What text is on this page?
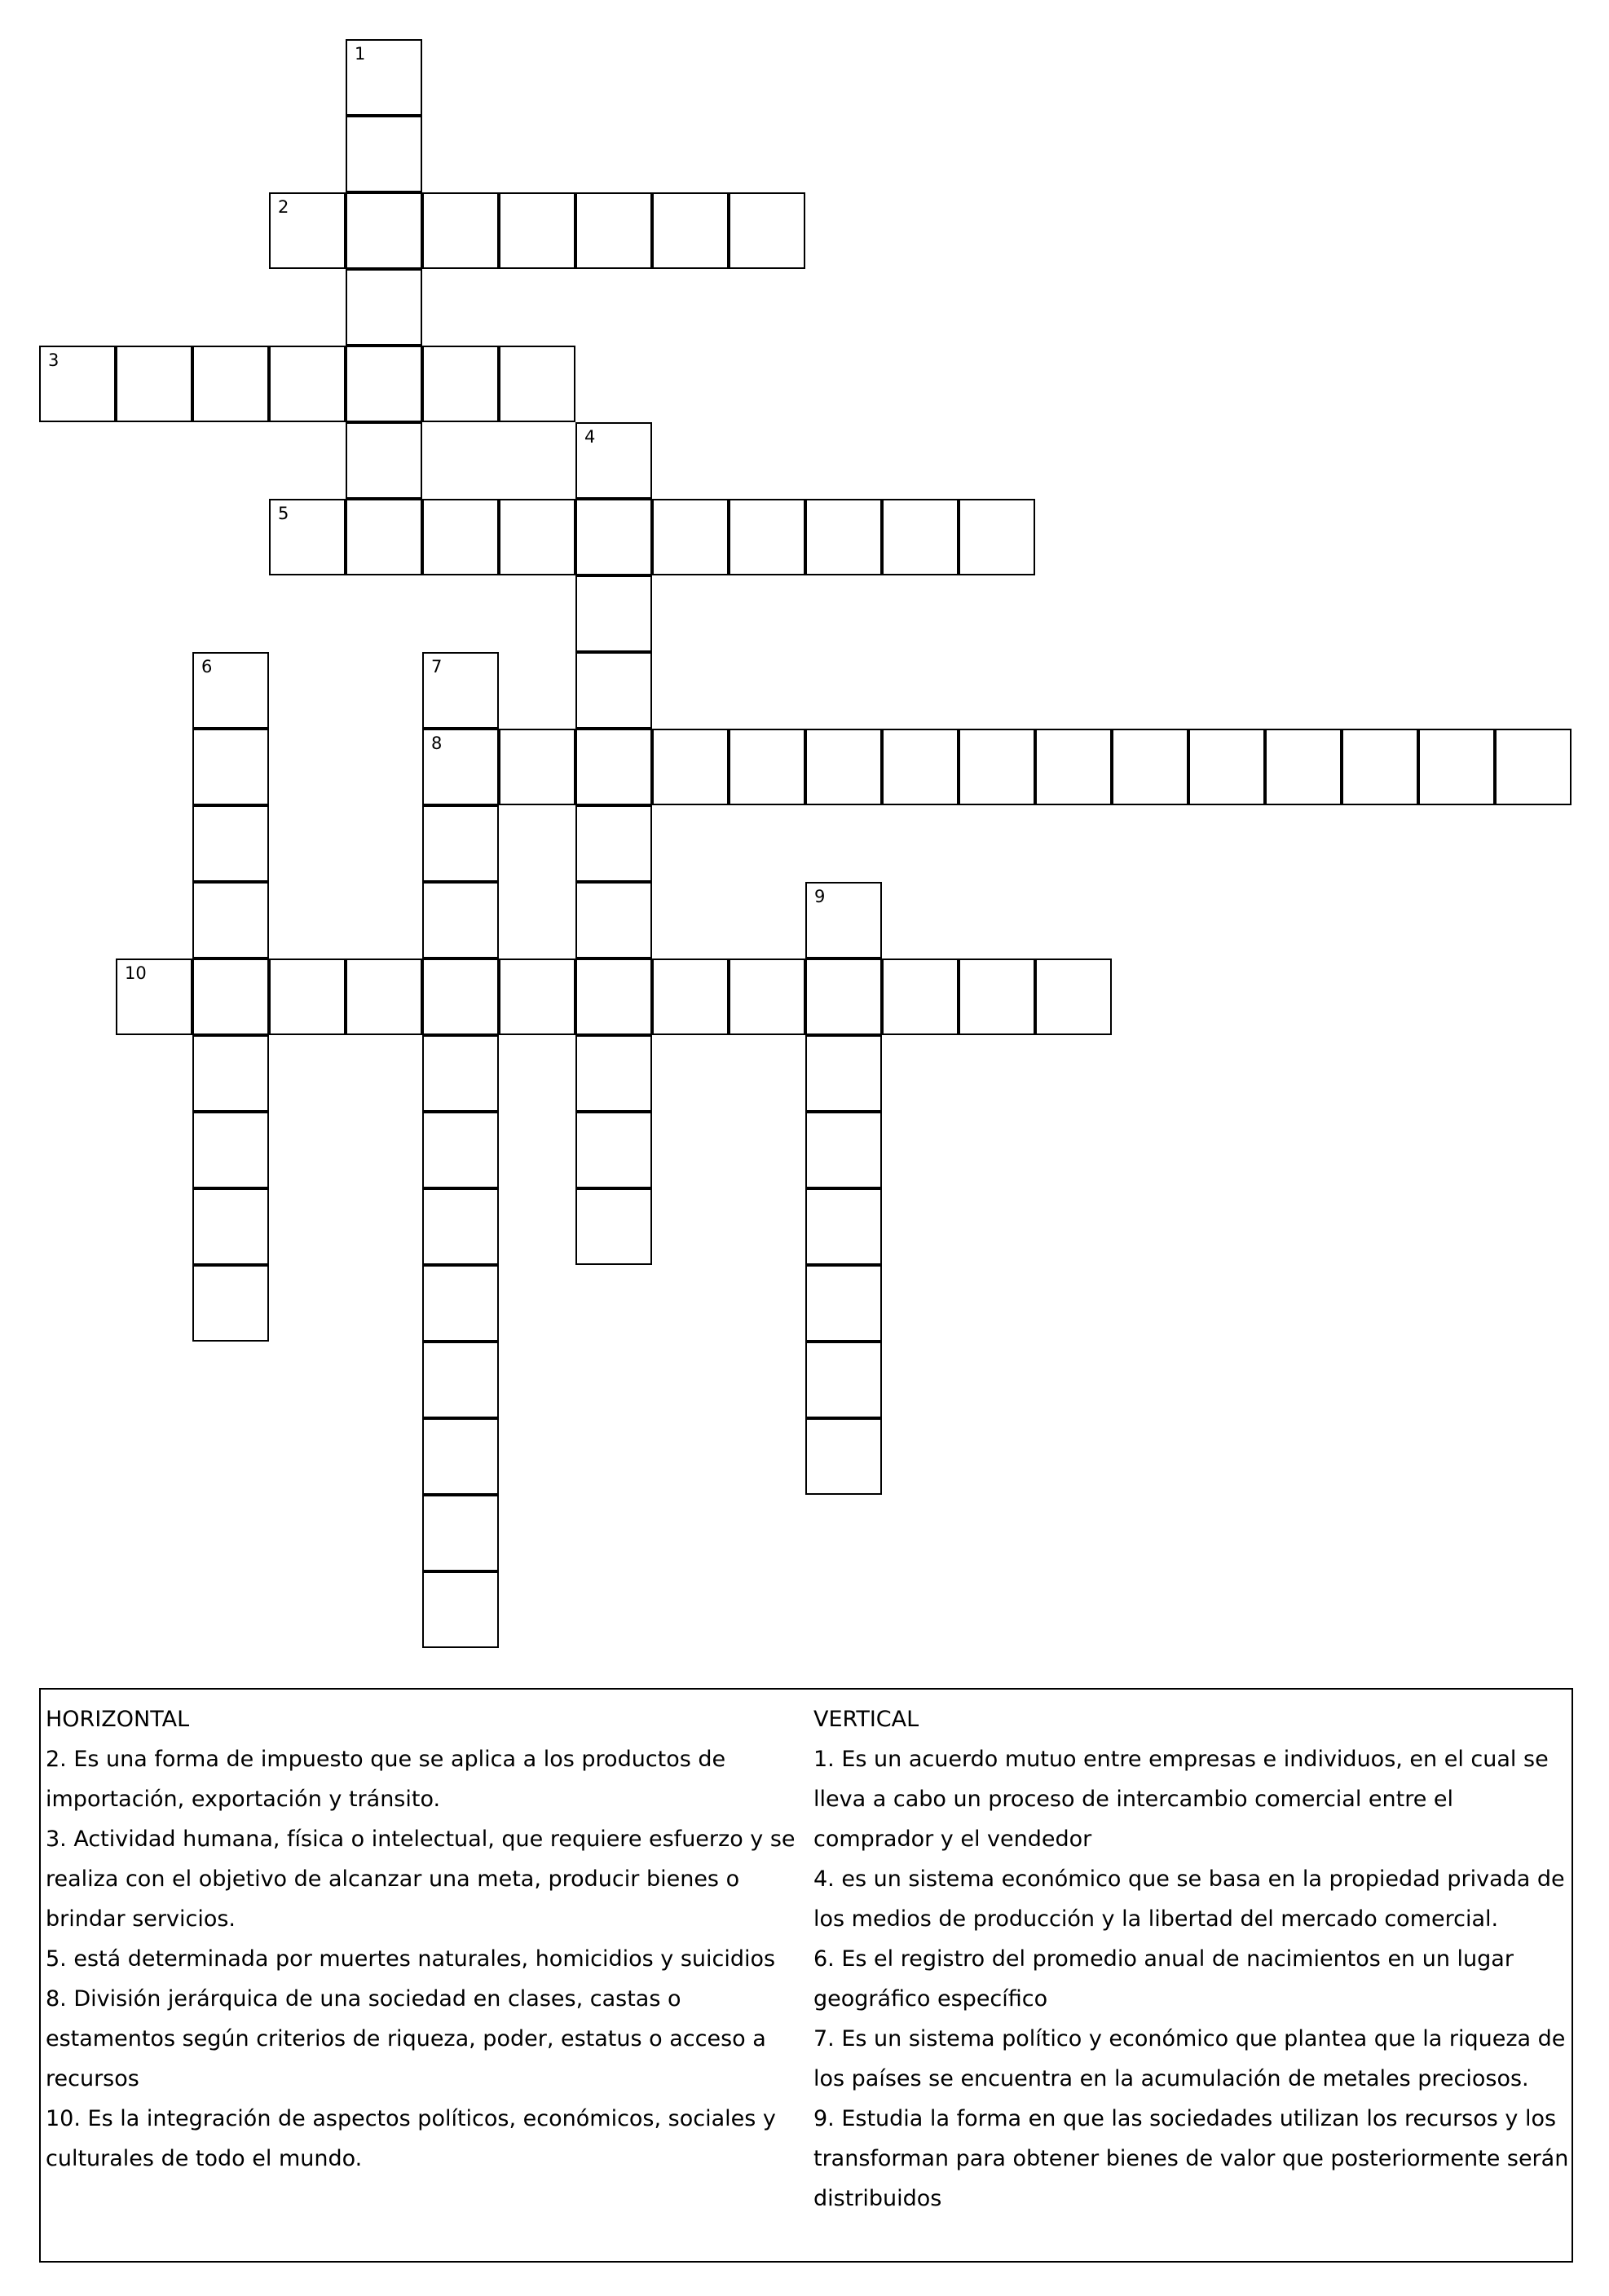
1
2
3
4
5
6	7
8
9
10
HORIZONTAL
2. Es una forma de impuesto que se aplica a los productos de importación, exportación y tránsito.
3. Actividad humana, física o intelectual, que requiere esfuerzo y se realiza con el objetivo de alcanzar una meta, producir bienes o brindar servicios.
5. está determinada por muertes naturales, homicidios y suicidios
8. División jerárquica de una sociedad en clases, castas o estamentos según criterios de riqueza, poder, estatus o acceso a recursos
10. Es la integración de aspectos políticos, económicos, sociales y culturales de todo el mundo.
VERTICAL
1. Es un acuerdo mutuo entre empresas e individuos, en el cual se lleva a cabo un proceso de intercambio comercial entre el comprador y el vendedor
4. es un sistema económico que se basa en la propiedad privada de los medios de producción y la libertad del mercado comercial.
6. Es el registro del promedio anual de nacimientos en un lugar geográfico específico
7. Es un sistema político y económico que plantea que la riqueza de los países se encuentra en la acumulación de metales preciosos.
9. Estudia la forma en que las sociedades utilizan los recursos y los transforman para obtener bienes de valor que posteriormente serán distribuidos
